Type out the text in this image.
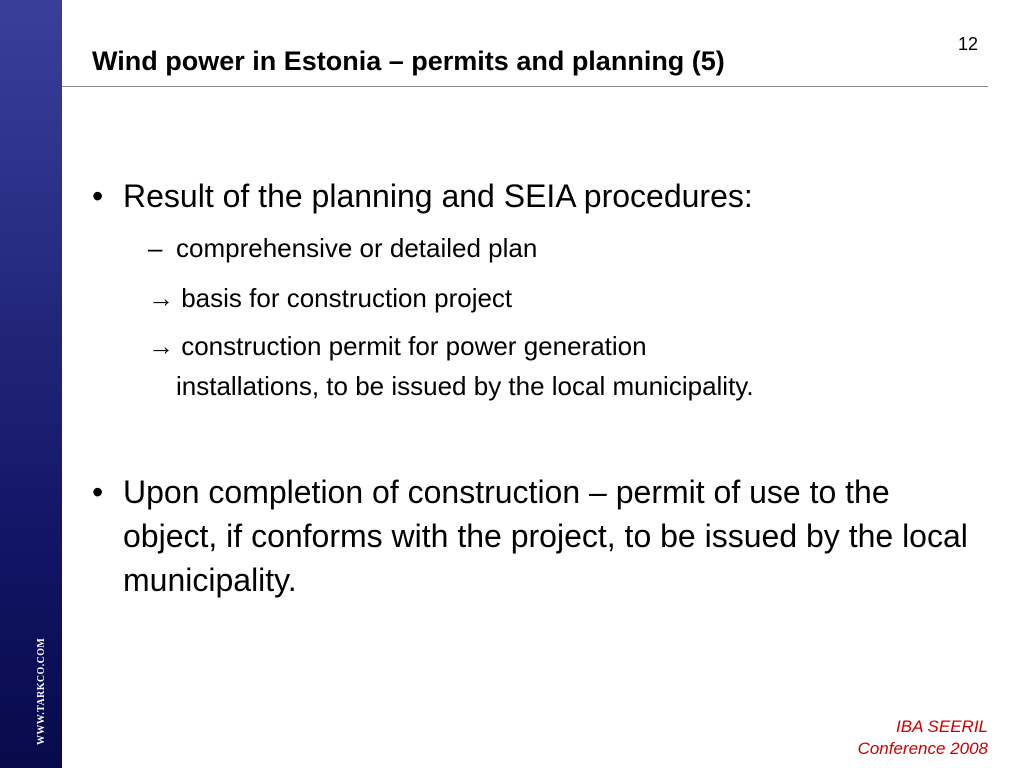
WWW.TARKCO.COM
Wind power in Estonia – permits and planning (5)
12
• Result of the planning and SEIA procedures:
– comprehensive or detailed plan
→ basis for construction project

→ construction permit for power generation

installations, to be issued by the local municipality.

• Upon completion of construction – permit of use to the object, if conforms with the project, to be issued by the local municipality.
IBA SEERIL
Conference 2008
